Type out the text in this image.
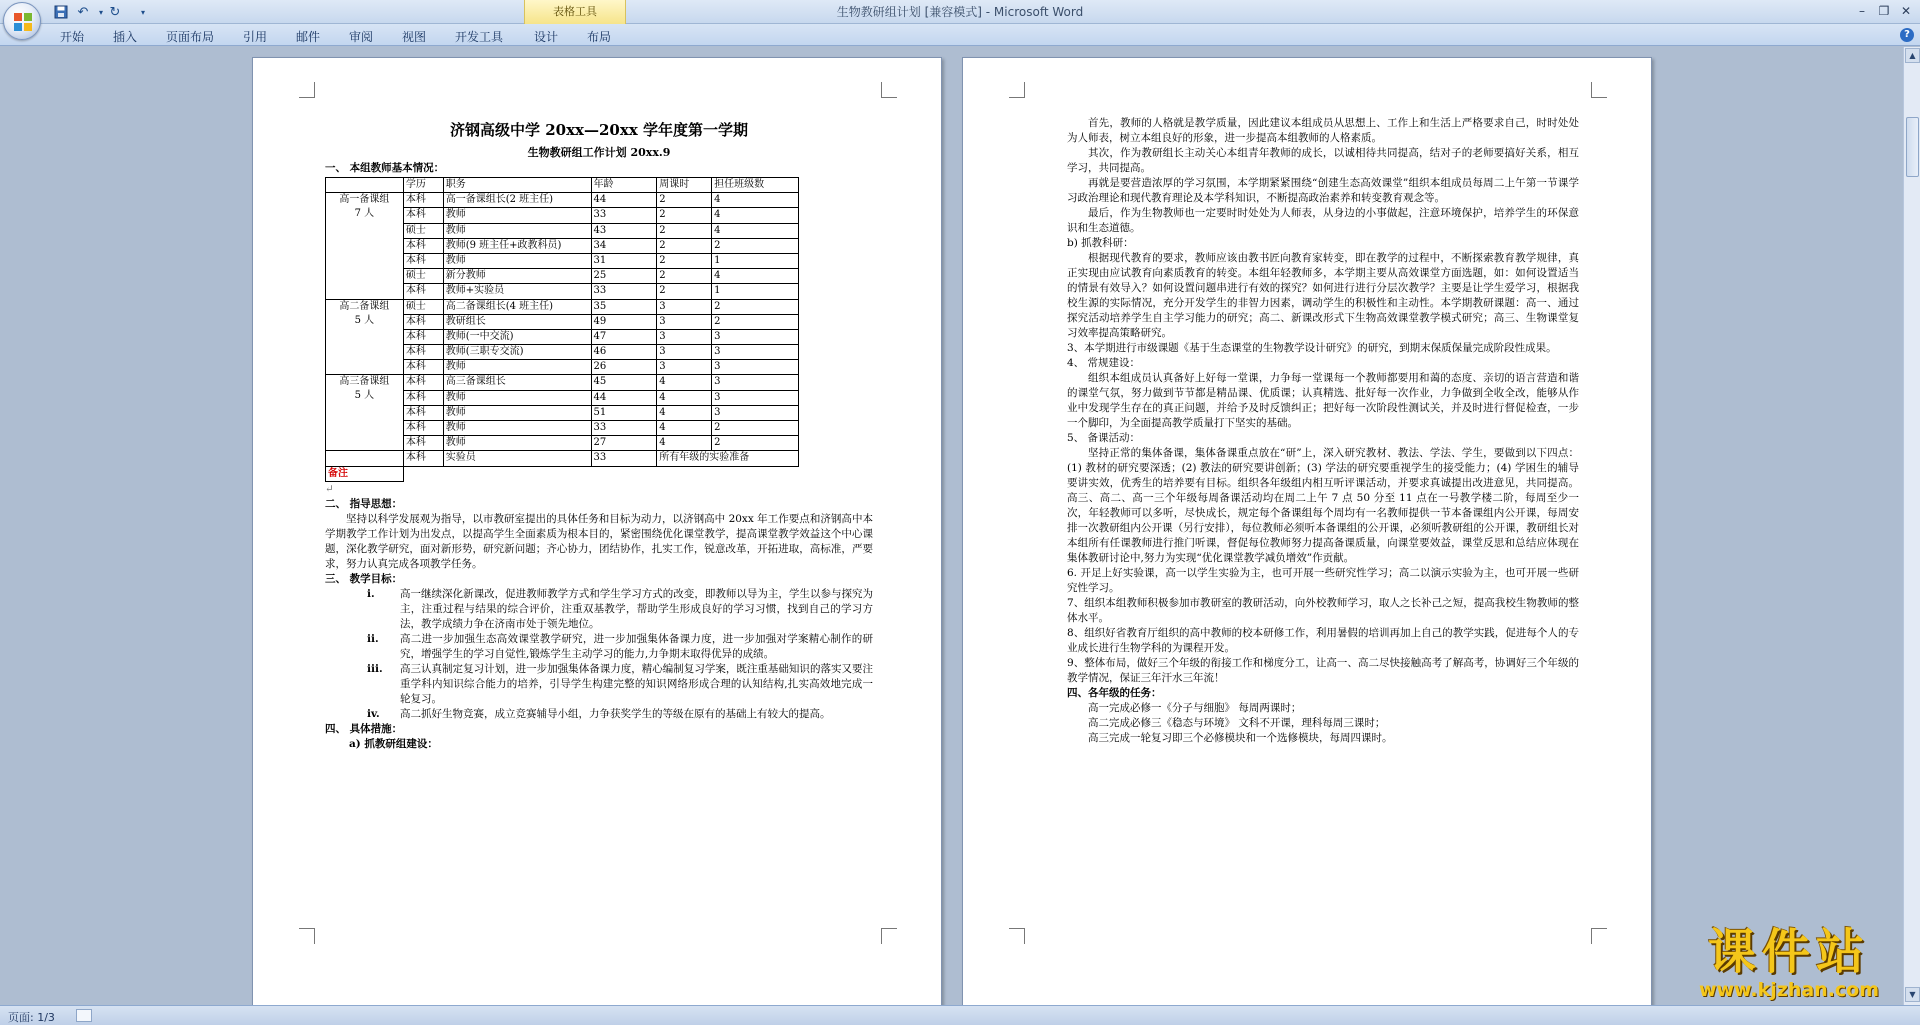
表格工具	生物教研组计划 [兼容模式] - Microsoft Word
↶	▾ ↻	▾	–	❐ ✕
开始 插入 页面布局 引用 邮件 审阅 视图 开发工具	设计 布局	?
济钢高级中学 20xx—20xx 学年度第一学期
生物教研组工作计划 20xx.9
一、 本组教师基本情况：
	学历	职务	年龄	周课时	担任班级数

高一备课组
7 人	本科	高一备课组长(2 班主任)	44	2	4
	本科	教师	33	2	4
	硕士	教师	43	2	4
	本科	教师(9 班主任+政教科员)	34	2	2
	本科	教师	31	2	1
	硕士	新分教师	25	2	4
	本科	教师+实验员	33	2	1

高二备课组
5 人	硕士	高二备课组长(4 班主任)	35	3	2
	本科	教研组长	49	3	2
	本科	教师(一中交流)	47	3	3
	本科	教师(三职专交流)	46	3	3
	本科	教师	26	3	3

高三备课组
5 人	本科	高三备课组长	45	4	3
	本科	教师	44	4	3
	本科	教师	51	4	3
	本科	教师	33	4	2
	本科	教师	27	4	2
	本科	实验员	33	所有年级的实验准备	
备注					
↵
二、 指导思想：
坚持以科学发展观为指导，以市教研室提出的具体任务和目标为动力，以济钢高中 20xx 年工作要点和济钢高中本学期教学工作计划为出发点，以提高学生全面素质为根本目的，紧密围绕优化课堂教学，提高课堂教学效益这个中心课题，深化教学研究，面对新形势，研究新问题；齐心协力，团结协作，扎实工作，锐意改革，开拓进取，高标准，严要求，努力认真完成各项教学任务。
三、 教学目标：
i. 高一继续深化新课改，促进教师教学方式和学生学习方式的改变，即教师以导为主，学生以参与探究为主，注重过程与结果的综合评价，注重双基教学，帮助学生形成良好的学习习惯，找到自己的学习方法，教学成绩力争在济南市处于领先地位。
ii. 高二进一步加强生态高效课堂教学研究，进一步加强集体备课力度，进一步加强对学案精心制作的研究，增强学生的学习自觉性,锻炼学生主动学习的能力,力争期末取得优异的成绩。
iii. 高三认真制定复习计划，进一步加强集体备课力度，精心编制复习学案，既注重基础知识的落实又要注重学科内知识综合能力的培养，引导学生构建完整的知识网络形成合理的认知结构,扎实高效地完成一轮复习。
iv. 高二抓好生物竞赛，成立竞赛辅导小组，力争获奖学生的等级在原有的基础上有较大的提高。
四、 具体措施：
a) 抓教研组建设：
首先，教师的人格就是教学质量，因此建议本组成员从思想上、工作上和生活上严格要求自己，时时处处为人师表，树立本组良好的形象，进一步提高本组教师的人格素质。
其次，作为教研组长主动关心本组青年教师的成长，以诚相待共同提高，结对子的老师要搞好关系，相互学习，共同提高。
再就是要营造浓厚的学习氛围，本学期紧紧围绕“创建生态高效课堂”组织本组成员每周二上午第一节课学习政治理论和现代教育理论及本学科知识，不断提高政治素养和转变教育观念等。
最后，作为生物教师也一定要时时处处为人师表，从身边的小事做起，注意环境保护，培养学生的环保意识和生态道德。
b) 抓教科研：
根据现代教育的要求，教师应该由教书匠向教育家转变，即在教学的过程中，不断探索教育教学规律，真正实现由应试教育向素质教育的转变。本组年轻教师多，本学期主要从高效课堂方面选题，如：如何设置适当的情景有效导入？如何设置问题串进行有效的探究？如何进行进行分层次教学？主要是让学生爱学习，根据我校生源的实际情况，充分开发学生的非智力因素，调动学生的积极性和主动性。本学期教研课题：高一、通过探究活动培养学生自主学习能力的研究；高二、新课改形式下生物高效课堂教学模式研究；高三、生物课堂复习效率提高策略研究。
3、本学期进行市级课题《基于生态课堂的生物教学设计研究》的研究，到期末保质保量完成阶段性成果。
4、 常规建设：
组织本组成员认真备好上好每一堂课，力争每一堂课每一个教师都要用和蔼的态度、亲切的语言营造和谐的课堂气氛，努力做到节节都是精品课、优质课；认真精选、批好每一次作业，力争做到全收全改，能够从作业中发现学生存在的真正问题，并给予及时反馈纠正；把好每一次阶段性测试关，并及时进行督促检查，一步一个脚印，为全面提高教学质量打下坚实的基础。
5、 备课活动：
坚持正常的集体备课，集体备课重点放在“研”上，深入研究教材、教法、学法、学生，要做到以下四点：(1) 教材的研究要深透；(2) 教法的研究要讲创新；(3) 学法的研究要重视学生的接受能力；(4) 学困生的辅导要讲实效，优秀生的培养要有目标。组织各年级组内相互听评课活动，并要求真诚提出改进意见，共同提高。高三、高二、高一三个年级每周备课活动均在周二上午 7 点 50 分至 11 点在一号教学楼二阶，每周至少一次，年轻教师可以多听，尽快成长，规定每个备课组每个周均有一名教师提供一节本备课组内公开课，每周安排一次教研组内公开课（另行安排），每位教师必须听本备课组的公开课，必须听教研组的公开课，教研组长对本组所有任课教师进行推门听课，督促每位教师努力提高备课质量，向课堂要效益，课堂反思和总结应体现在集体教研讨论中,努力为实现“优化课堂教学减负增效”作贡献。
6. 开足上好实验课，高一以学生实验为主，也可开展一些研究性学习；高二以演示实验为主，也可开展一些研究性学习。
7、组织本组教师积极参加市教研室的教研活动，向外校教师学习，取人之长补己之短，提高我校生物教师的整体水平。
8、组织好省教育厅组织的高中教师的校本研修工作，利用暑假的培训再加上自己的教学实践，促进每个人的专业成长进行生物学科的为课程开发。
9、整体布局，做好三个年级的衔接工作和梯度分工，让高一、高二尽快接触高考了解高考，协调好三个年级的教学情况，保证三年汗水三年流！
四、各年级的任务：
高一完成必修一《分子与细胞》 每周两课时；
高二完成必修三《稳态与环境》 文科不开课，理科每周三课时；
高三完成一轮复习即三个必修模块和一个选修模块，每周四课时。
▲
▼
页面: 1/3
课件站
www.kjzhan.com
